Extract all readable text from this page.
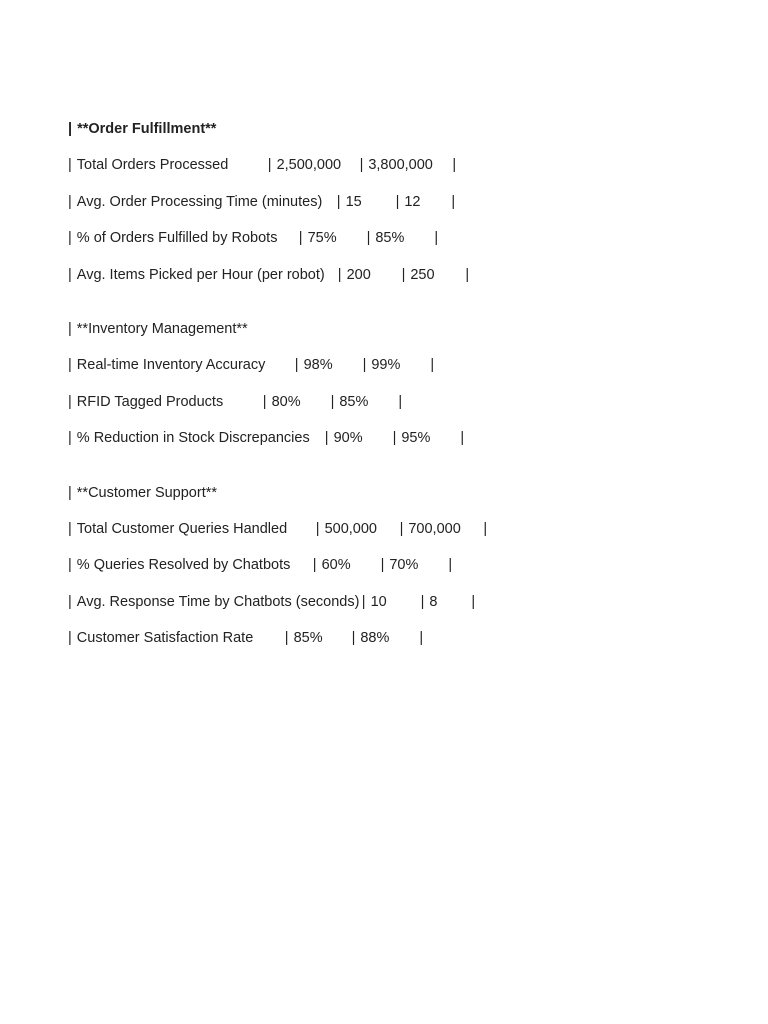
| **Order Fulfillment**
| Total Orders Processed	| 2,500,000	| 3,800,000	|
| Avg. Order Processing Time (minutes) | 15	| 12	|
| % of Orders Fulfilled by Robots	| 75%	| 85%	|
| Avg. Items Picked per Hour (per robot) | 200	| 250	|
| **Inventory Management**
| Real-time Inventory Accuracy	| 98%	| 99%	|
| RFID Tagged Products	| 80%	| 85%	|
| % Reduction in Stock Discrepancies	| 90%	| 95%	|
| **Customer Support**
| Total Customer Queries Handled	| 500,000	| 700,000	|
| % Queries Resolved by Chatbots	| 60%	| 70%	|
| Avg. Response Time by Chatbots (seconds) | 10	| 8	|
| Customer Satisfaction Rate	| 85%	| 88%	|
